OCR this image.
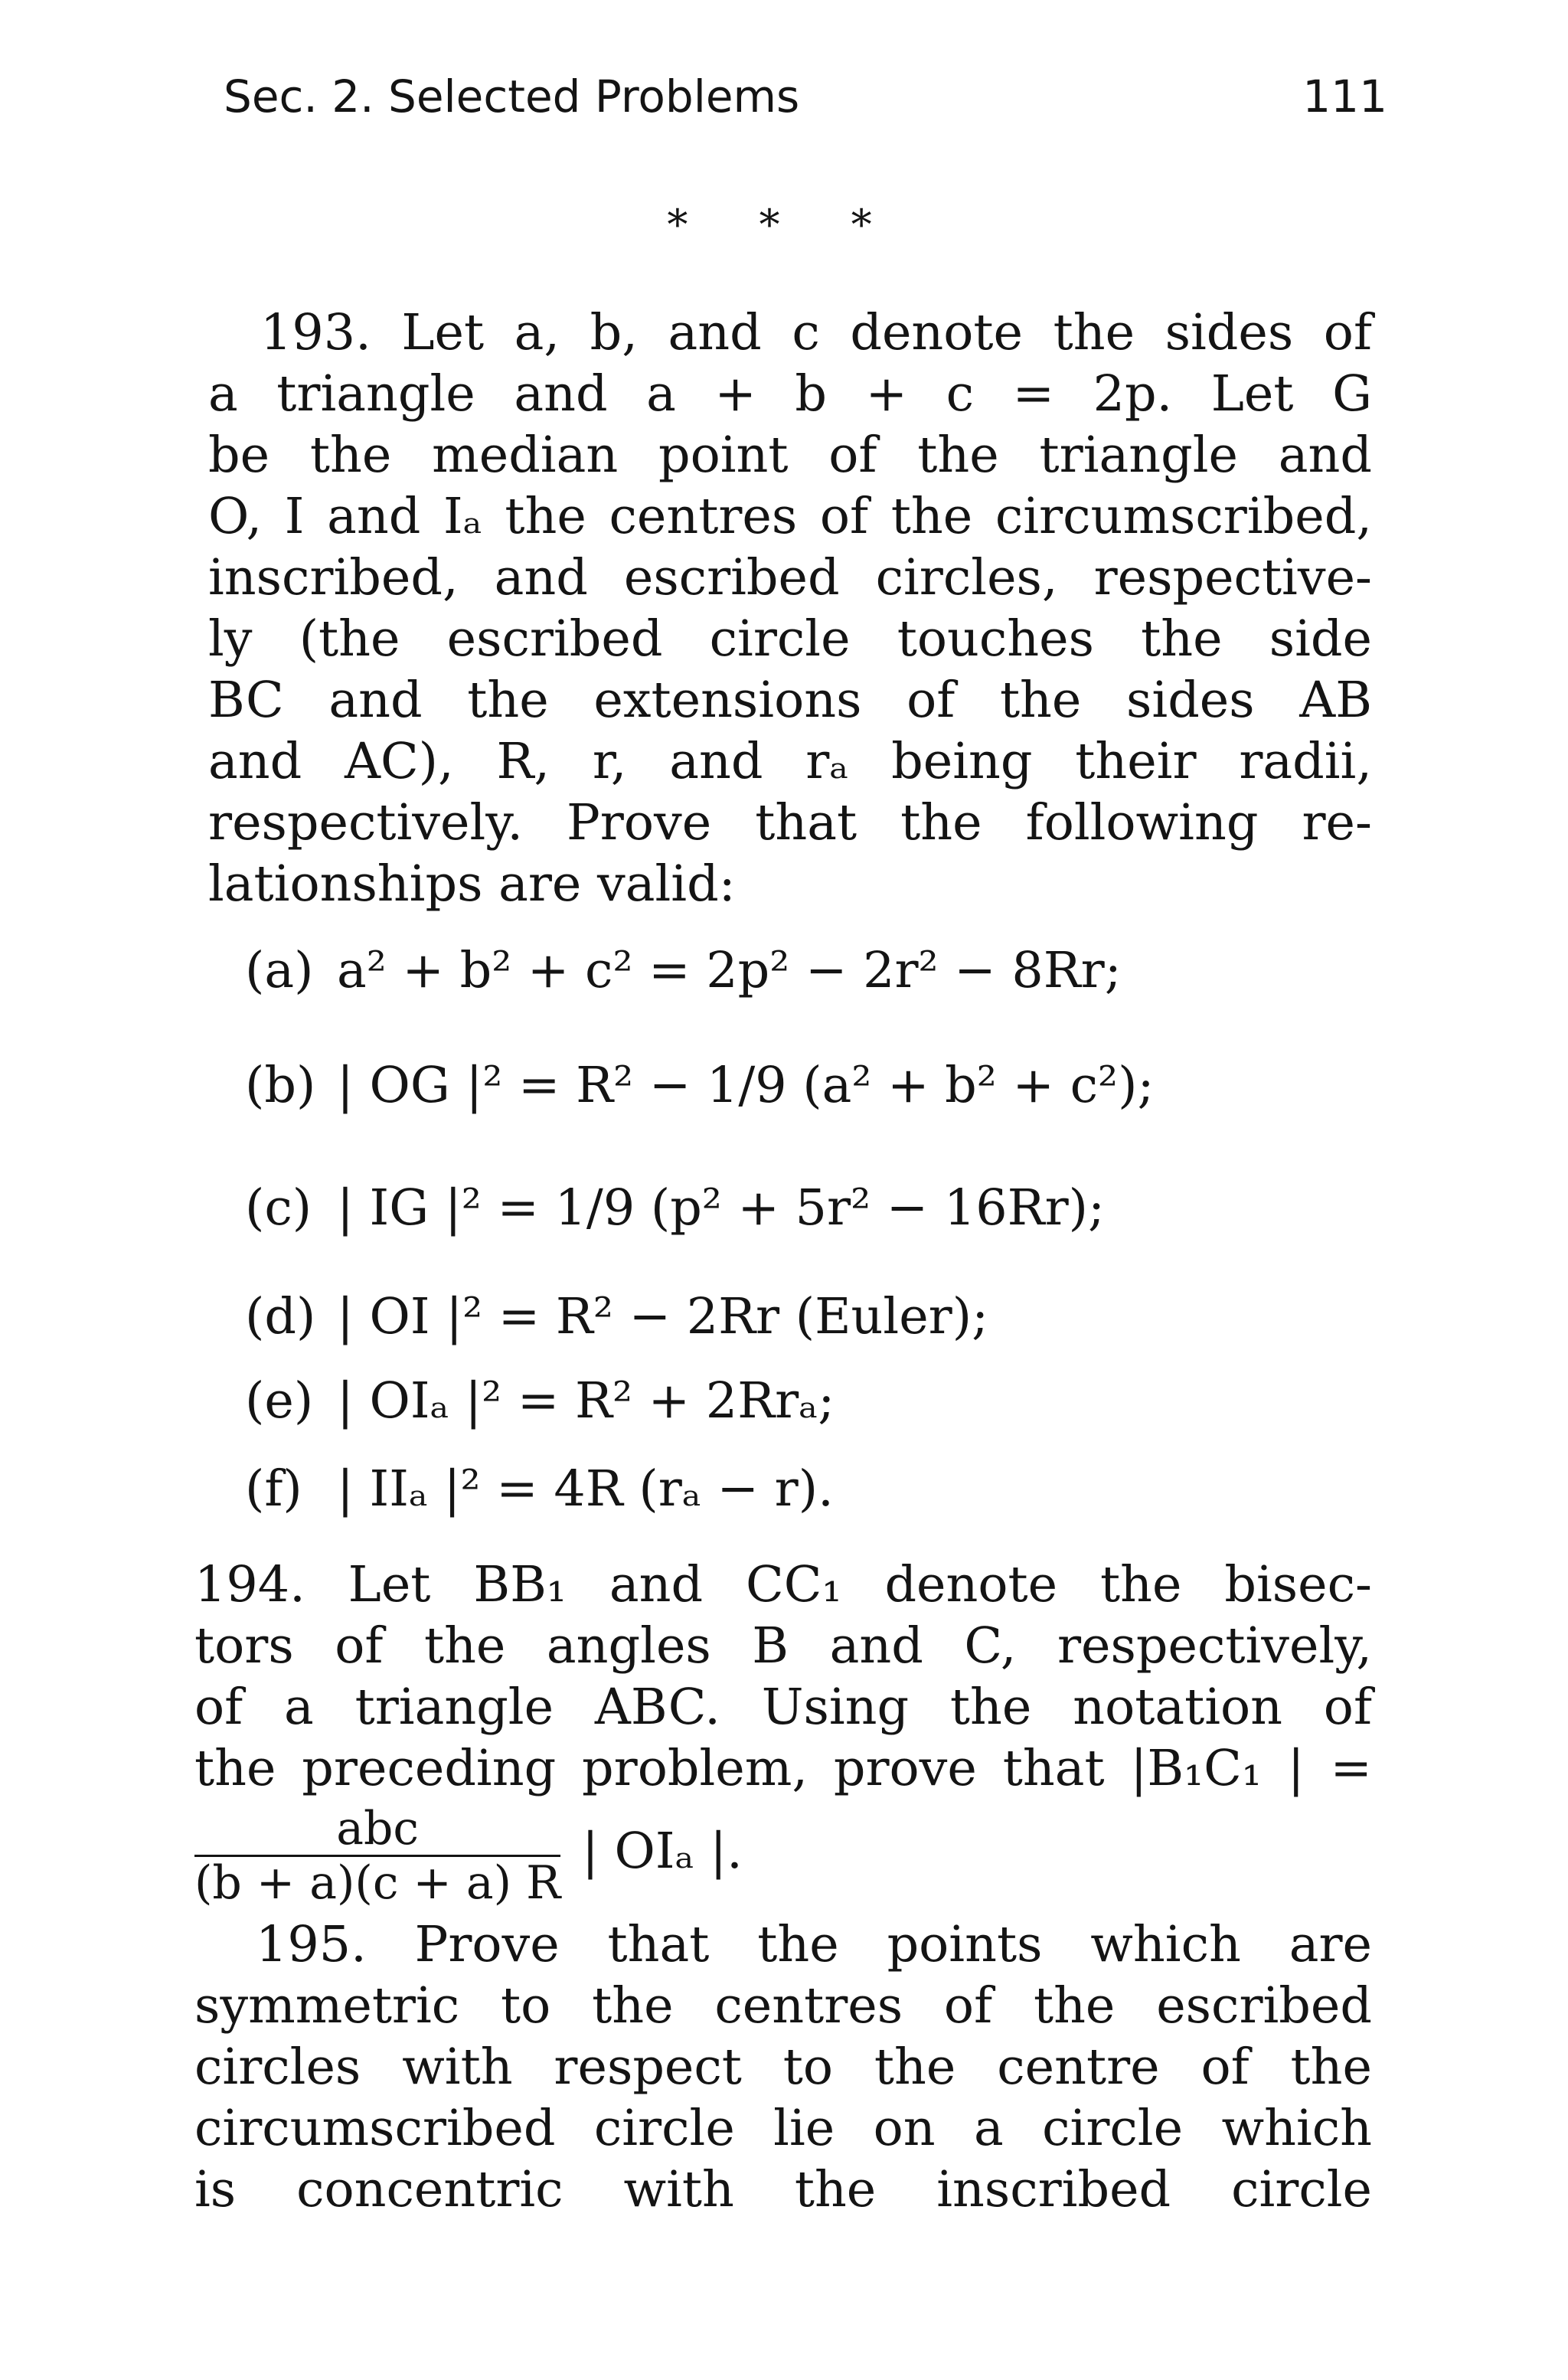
Sec. 2. Selected Problems	111
* * *
193. Let a, b, and c denote the sides of
a triangle and a + b + c = 2p. Let G
be the median point of the triangle and
O, I and Iₐ the centres of the circumscribed,
inscribed, and escribed circles, respective-
ly (the escribed circle touches the side
BC and the extensions of the sides AB
and AC), R, r, and rₐ being their radii,
respectively. Prove that the following re-
lationships are valid:
(a) a² + b² + c² = 2p² − 2r² − 8Rr;
(b) | OG |² = R² − 1/9 (a² + b² + c²);
(c) | IG |² = 1/9 (p² + 5r² − 16Rr);
(d) | OI |² = R² − 2Rr (Euler);
(e) | OIₐ |² = R² + 2Rrₐ;
(f) | IIₐ |² = 4R (rₐ − r).
194. Let BB₁ and CC₁ denote the bisec-
tors of the angles B and C, respectively,
of a triangle ABC. Using the notation of
the preceding problem, prove that |B₁C₁ | =
abc
(b + a)(c + a) R
| OIₐ |.
195. Prove that the points which are
symmetric to the centres of the escribed
circles with respect to the centre of the
circumscribed circle lie on a circle which
is concentric with the inscribed circle
